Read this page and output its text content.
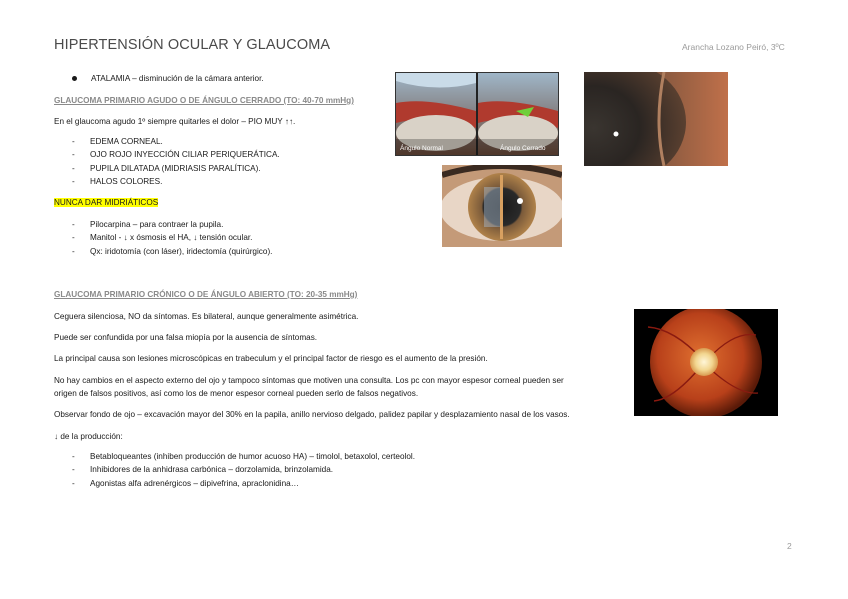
HIPERTENSIÓN OCULAR Y GLAUCOMA	Arancha Lozano Peiró, 3ºC
ATALAMIA – disminución de la cámara anterior.
GLAUCOMA PRIMARIO AGUDO O DE ÁNGULO CERRADO (TO: 40-70 mmHg)
En el glaucoma agudo 1º siempre quitarles el dolor – PIO MUY ↑↑.
- EDEMA CORNEAL.
- OJO ROJO INYECCIÓN CILIAR PERIQUERÁTICA.
- PUPILA DILATADA (MIDRIASIS PARALÍTICA).
- HALOS COLORES.
NUNCA DAR MIDRIÁTICOS
- Pilocarpina – para contraer la pupila.
- Manitol - ↓ x ósmosis el HA, ↓ tensión ocular.
- Qx: iridotomía (con láser), iridectomía (quirúrgico).
Ángulo Normal	Ángulo Cerrado
GLAUCOMA PRIMARIO CRÓNICO O DE ÁNGULO ABIERTO (TO: 20-35 mmHg)
Ceguera silenciosa, NO da síntomas. Es bilateral, aunque generalmente asimétrica.
Puede ser confundida por una falsa miopía por la ausencia de síntomas.
La principal causa son lesiones microscópicas en trabeculum y el principal factor de riesgo es el aumento de la presión.
No hay cambios en el aspecto externo del ojo y tampoco síntomas que motiven una consulta. Los pc con mayor espesor corneal pueden ser
origen de falsos positivos, así como los de menor espesor corneal pueden serlo de falsos negativos.
Observar fondo de ojo – excavación mayor del 30% en la papila, anillo nervioso delgado, palidez papilar y desplazamiento nasal de los vasos.
↓ de la producción:
- Betabloqueantes (inhiben producción de humor acuoso HA) – timolol, betaxolol, certeolol.
- Inhibidores de la anhidrasa carbónica – dorzolamida, brinzolamida.
- Agonistas alfa adrenérgicos – dipivefrina, apraclonidina…
2
